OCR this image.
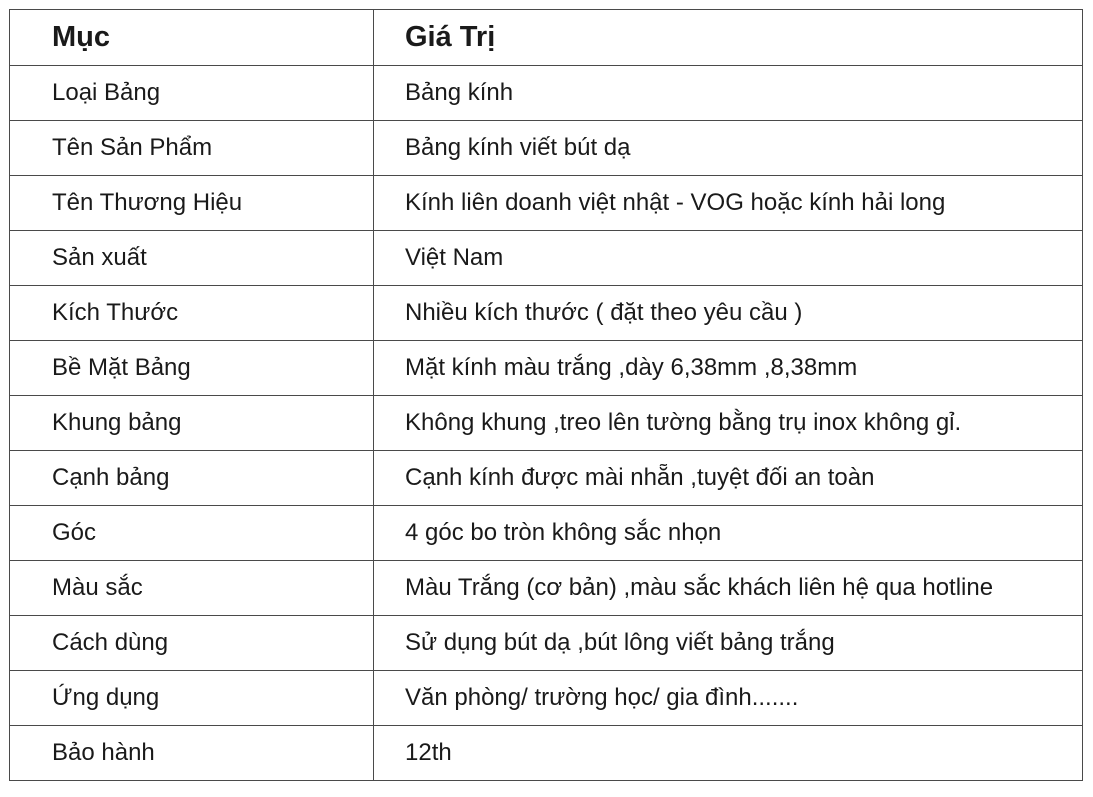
Mục	Giá Trị
Loại Bảng	Bảng kính
Tên Sản Phẩm	Bảng kính viết bút dạ
Tên Thương Hiệu	Kính liên doanh việt nhật - VOG hoặc kính hải long
Sản xuất	Việt Nam
Kích Thước	Nhiều kích thước ( đặt theo yêu cầu )
Bề Mặt Bảng	Mặt kính màu trắng ,dày 6,38mm ,8,38mm
Khung bảng	Không khung ,treo lên tường bằng trụ inox không gỉ.
Cạnh bảng	Cạnh kính được mài nhẵn ,tuyệt đối an toàn
Góc	4 góc bo tròn không sắc nhọn
Màu sắc	Màu Trắng (cơ bản) ,màu sắc khách liên hệ qua hotline
Cách dùng	Sử dụng bút dạ ,bút lông viết bảng trắng
Ứng dụng	Văn phòng/ trường học/ gia đình.......
Bảo hành	12th
